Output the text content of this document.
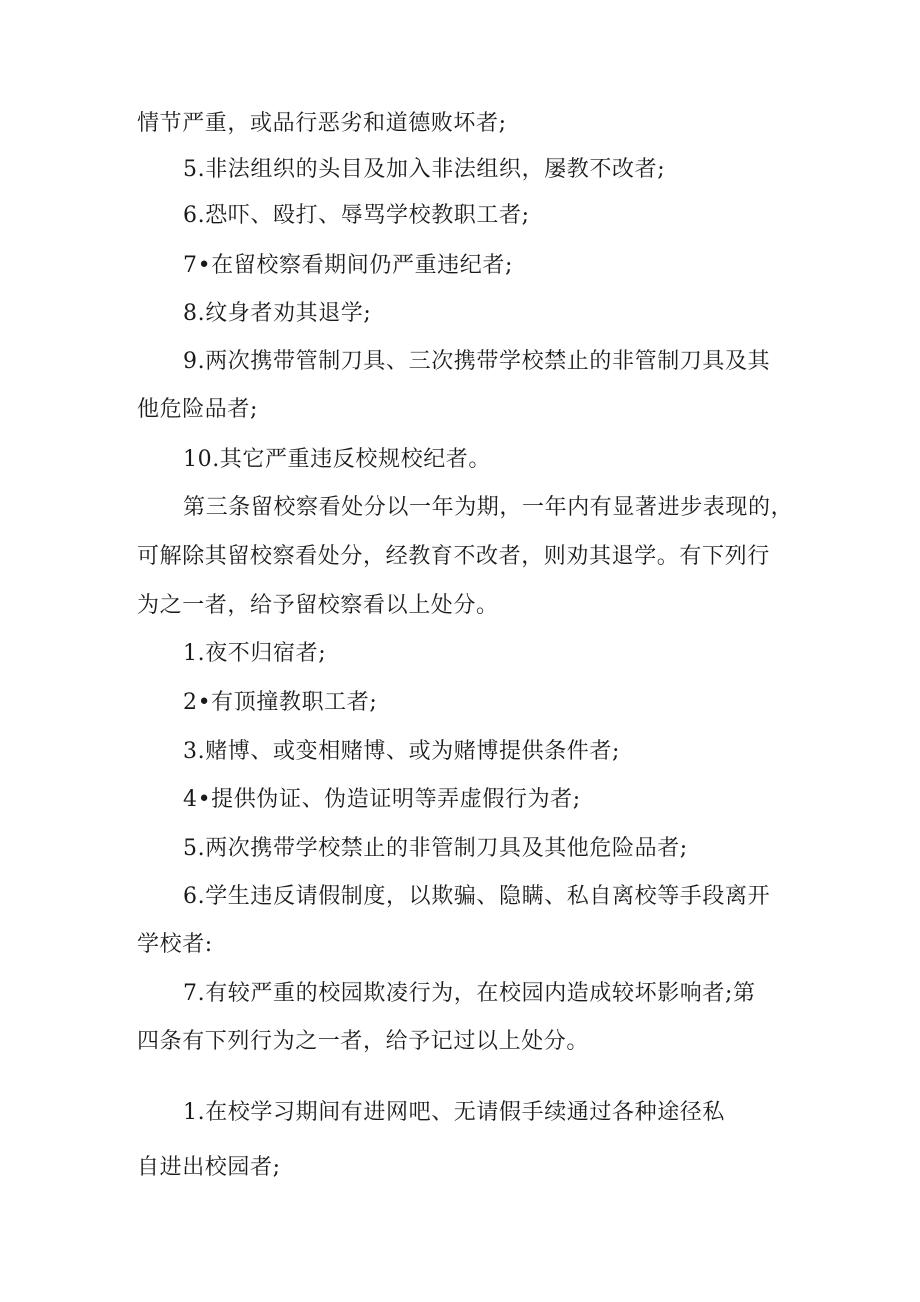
情节严重，或品行恶劣和道德败坏者;
5.非法组织的头目及加入非法组织，屡教不改者;
6.恐吓、殴打、辱骂学校教职工者;
7•在留校察看期间仍严重违纪者;
8.纹身者劝其退学;
9.两次携带管制刀具、三次携带学校禁止的非管制刀具及其
他危险品者;
10.其它严重违反校规校纪者。
第三条留校察看处分以一年为期，一年内有显著进步表现的，
可解除其留校察看处分，经教育不改者，则劝其退学。有下列行
为之一者，给予留校察看以上处分。
1.夜不归宿者;
2•有顶撞教职工者;
3.赌博、或变相赌博、或为赌博提供条件者;
4•提供伪证、伪造证明等弄虚假行为者;
5.两次携带学校禁止的非管制刀具及其他危险品者;
6.学生违反请假制度，以欺骗、隐瞒、私自离校等手段离开
学校者:
7.有较严重的校园欺凌行为，在校园内造成较坏影响者;第
四条有下列行为之一者，给予记过以上处分。
1.在校学习期间有进网吧、无请假手续通过各种途径私
自进出校园者;
